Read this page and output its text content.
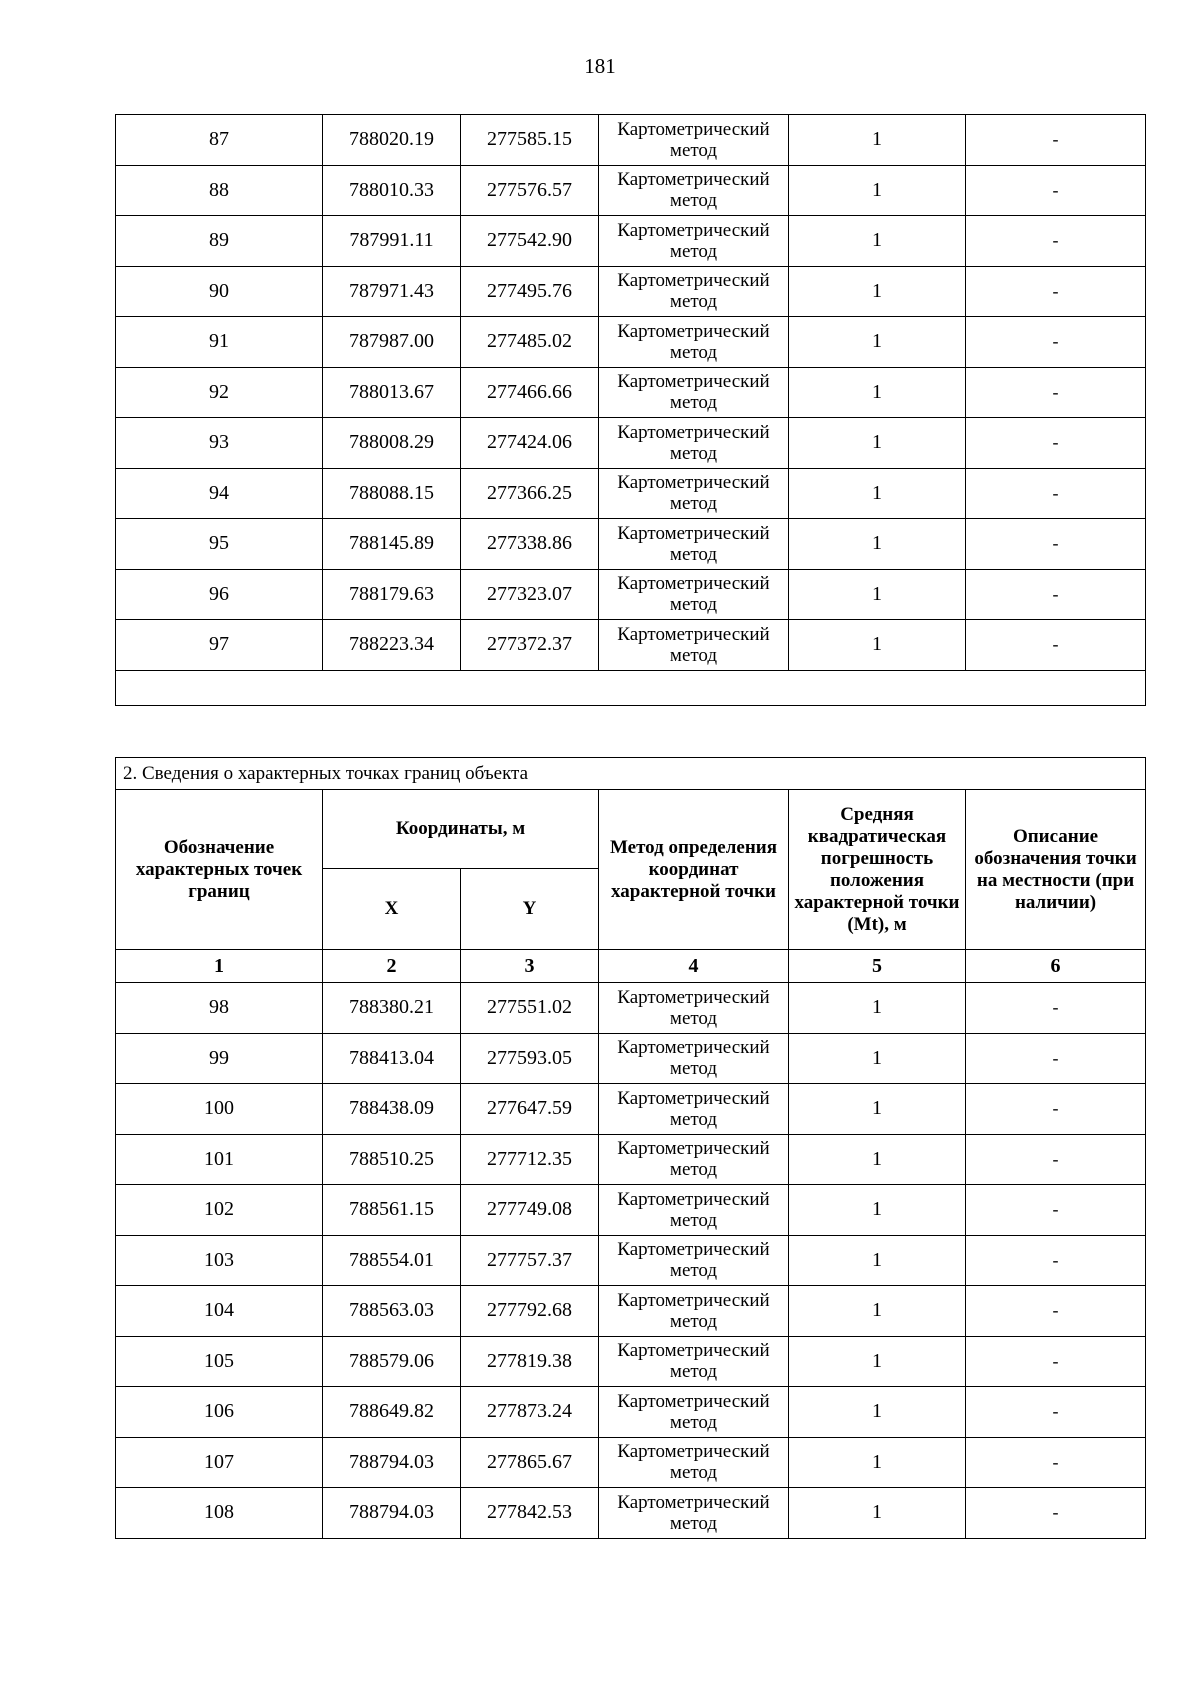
181
87	788020.19	277585.15	Картометрический метод	1	-
88	788010.33	277576.57	Картометрический метод	1	-
89	787991.11	277542.90	Картометрический метод	1	-
90	787971.43	277495.76	Картометрический метод	1	-
91	787987.00	277485.02	Картометрический метод	1	-
92	788013.67	277466.66	Картометрический метод	1	-
93	788008.29	277424.06	Картометрический метод	1	-
94	788088.15	277366.25	Картометрический метод	1	-
95	788145.89	277338.86	Картометрический метод	1	-
96	788179.63	277323.07	Картометрический метод	1	-
97	788223.34	277372.37	Картометрический метод	1	-

2. Сведения о характерных точках границ объекта					
Обозначение характерных точек границ	Координаты, м		Метод определения координат характерной точки	Средняя квадратическая погрешность положения характерной точки (Mt), м	Описание обозначения точки на местности (при наличии)
	X	Y			
1	2	3	4	5	6
98	788380.21	277551.02	Картометрический метод	1	-
99	788413.04	277593.05	Картометрический метод	1	-
100	788438.09	277647.59	Картометрический метод	1	-
101	788510.25	277712.35	Картометрический метод	1	-
102	788561.15	277749.08	Картометрический метод	1	-
103	788554.01	277757.37	Картометрический метод	1	-
104	788563.03	277792.68	Картометрический метод	1	-
105	788579.06	277819.38	Картометрический метод	1	-
106	788649.82	277873.24	Картометрический метод	1	-
107	788794.03	277865.67	Картометрический метод	1	-
108	788794.03	277842.53	Картометрический метод	1	-
